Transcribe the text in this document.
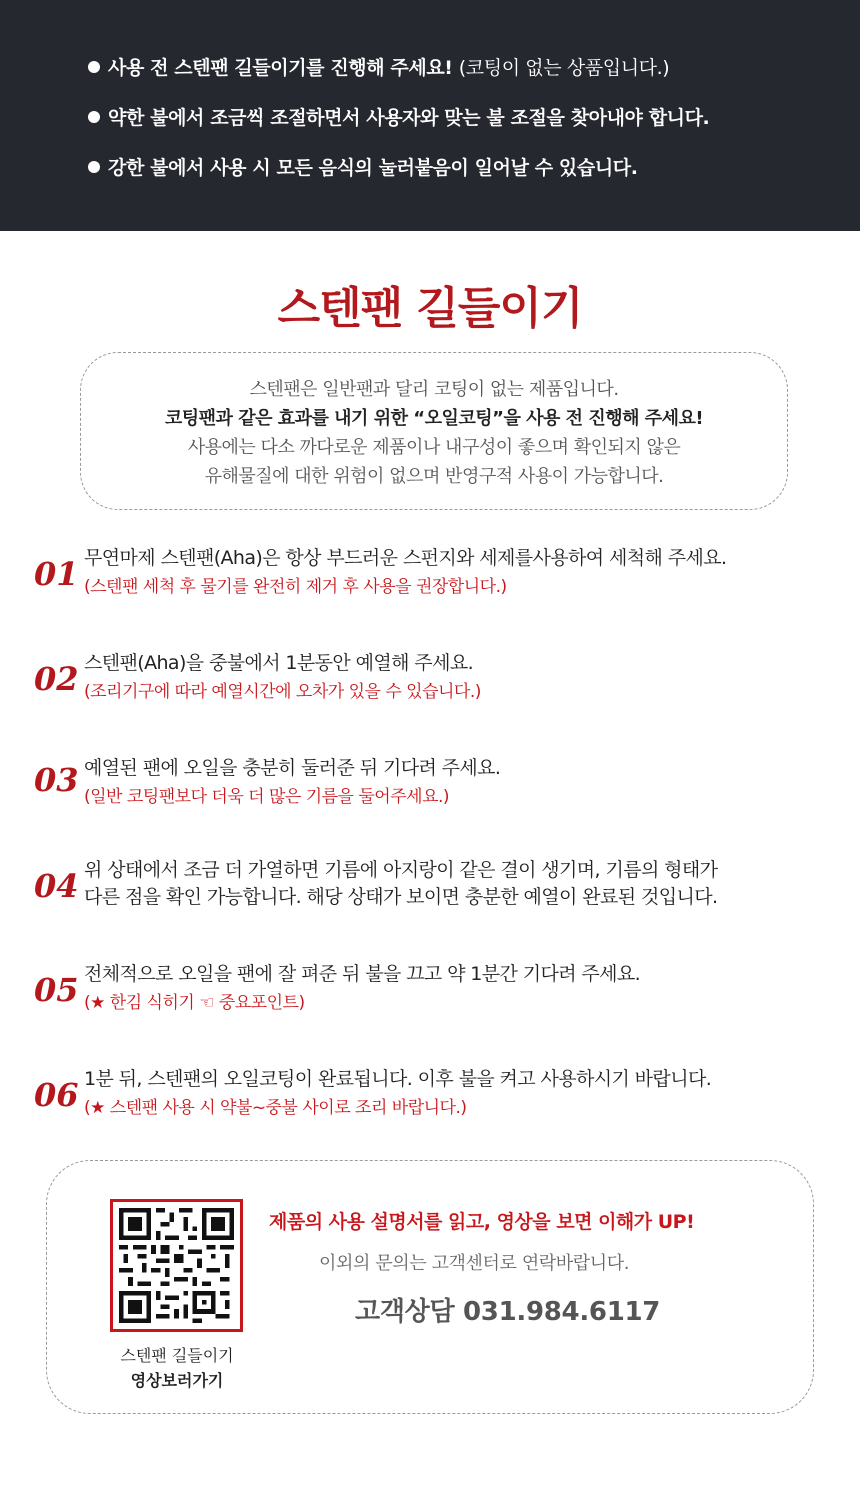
사용 전 스텐팬 길들이기를 진행해 주세요! (코팅이 없는 상품입니다.)
약한 불에서 조금씩 조절하면서 사용자와 맞는 불 조절을 찾아내야 합니다.
강한 불에서 사용 시 모든 음식의 눌러붙음이 일어날 수 있습니다.
스텐팬 길들이기
스텐팬은 일반팬과 달리 코팅이 없는 제품입니다.
코팅팬과 같은 효과를 내기 위한 “오일코팅”을 사용 전 진행해 주세요!
사용에는 다소 까다로운 제품이나 내구성이 좋으며 확인되지 않은
유해물질에 대한 위험이 없으며 반영구적 사용이 가능합니다.
01 무연마제 스텐팬(Aha)은 항상 부드러운 스펀지와 세제를사용하여 세척해 주세요.
(스텐팬 세척 후 물기를 완전히 제거 후 사용을 권장합니다.)
02 스텐팬(Aha)을 중불에서 1분동안 예열해 주세요.
(조리기구에 따라 예열시간에 오차가 있을 수 있습니다.)
03 예열된 팬에 오일을 충분히 둘러준 뒤 기다려 주세요.
(일반 코팅팬보다 더욱 더 많은 기름을 둘어주세요.)
04 위 상태에서 조금 더 가열하면 기름에 아지랑이 같은 결이 생기며, 기름의 형태가
다른 점을 확인 가능합니다. 해당 상태가 보이면 충분한 예열이 완료된 것입니다.
05 전체적으로 오일을 팬에 잘 펴준 뒤 불을 끄고 약 1분간 기다려 주세요.
(★ 한김 식히기 ☜ 중요포인트)
06 1분 뒤, 스텐팬의 오일코팅이 완료됩니다. 이후 불을 켜고 사용하시기 바랍니다.
(★ 스텐팬 사용 시 약불~중불 사이로 조리 바랍니다.)
스텐팬 길들이기
영상보러가기
제품의 사용 설명서를 읽고, 영상을 보면 이해가 UP!
이외의 문의는 고객센터로 연락바랍니다.
고객상담 031.984.6117
